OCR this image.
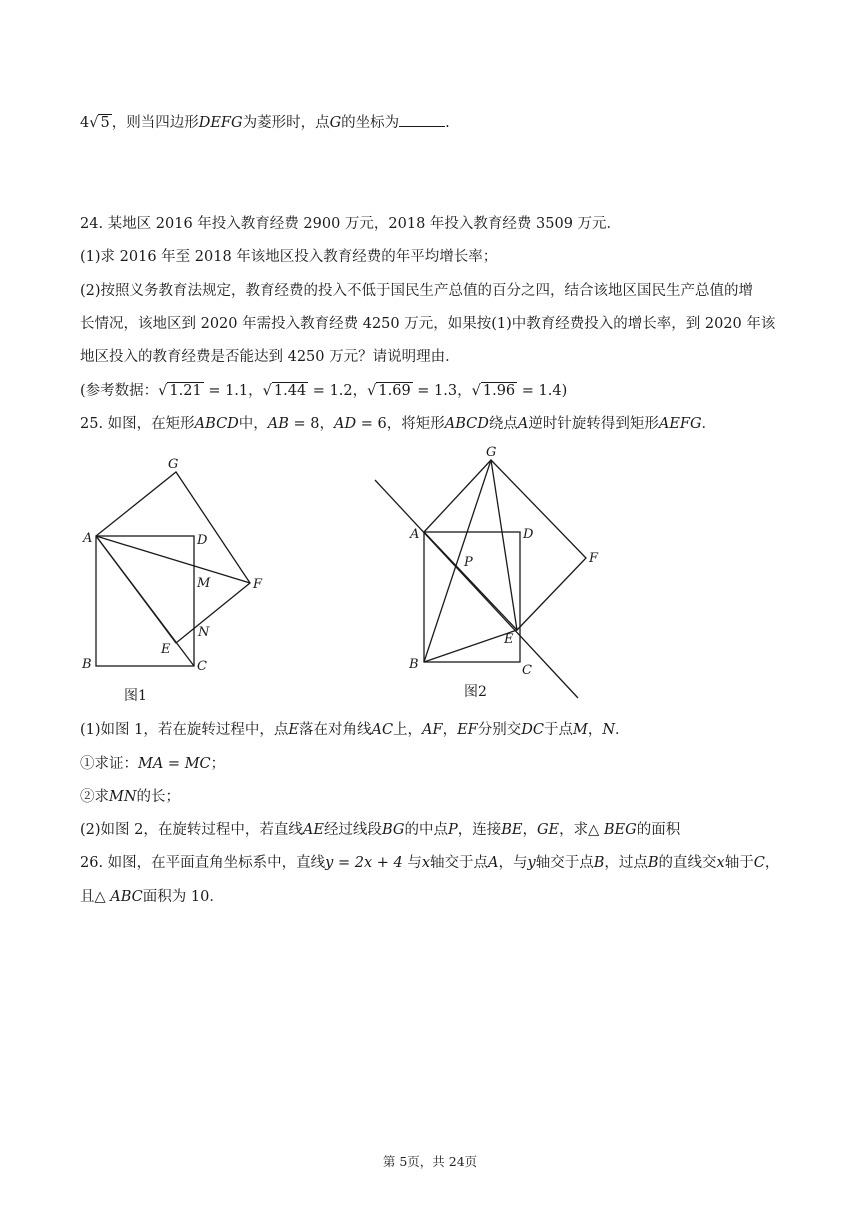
4√ 5 ，则当四边形DEFG为菱形时，点G的坐标为	.
24. 某地区 2016 年投入教育经费 2900 万元，2018 年投入教育经费 3509 万元．
(1)求 2016 年至 2018 年该地区投入教育经费的年平均增长率；
(2)按照义务教育法规定，教育经费的投入不低于国民生产总值的百分之四，结合该地区国民生产总值的增
长情况，该地区到 2020 年需投入教育经费 4250 万元，如果按(1)中教育经费投入的增长率，到 2020 年该
地区投入的教育经费是否能达到 4250 万元？请说明理由．
(参考数据：√ 1.21 = 1.1，√ 1.44 = 1.2，√ 1.69 = 1.3，√ 1.96 = 1.4)
25. 如图，在矩形ABCD中，AB = 8，AD = 6，将矩形ABCD绕点A逆时针旋转得到矩形AEFG．
G
A	D
M	F
N
E
B	C
图1
G
A	D
P	F
E
B	C
图2
(1)如图 1，若在旋转过程中，点E落在对角线AC上，AF，EF分别交DC于点M，N．
①求证：MA = MC；
②求MN的长；
(2)如图 2，在旋转过程中，若直线AE经过线段BG的中点P，连接BE，GE，求△ BEG的面积
26. 如图，在平面直角坐标系中，直线y = 2x + 4 与x轴交于点A，与y轴交于点B，过点B的直线交x轴于C，
且△ ABC面积为 10．
第 5页，共 24页
